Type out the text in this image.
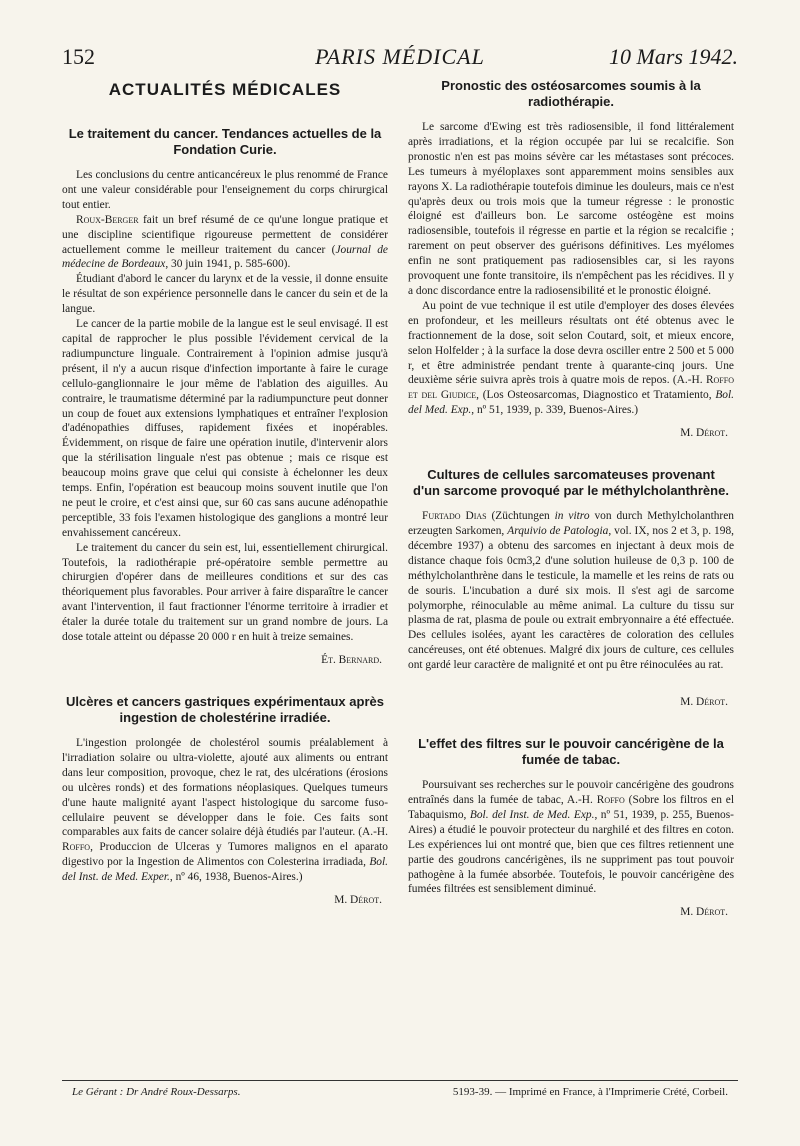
152	PARIS MÉDICAL	10 Mars 1942.
ACTUALITÉS MÉDICALES
Le traitement du cancer. Tendances actuelles de la Fondation Curie.

Les conclusions du centre anticancéreux le plus renommé de France ont une valeur considérable pour l'enseignement du corps chirurgical tout entier.

Roux-Berger fait un bref résumé de ce qu'une longue pratique et une discipline scientifique rigoureuse permettent de considérer actuellement comme le meilleur traitement du cancer (Journal de médecine de Bordeaux, 30 juin 1941, p. 585-600).

Étudiant d'abord le cancer du larynx et de la vessie, il donne ensuite le résultat de son expérience personnelle dans le cancer du sein et de la langue.

Le cancer de la partie mobile de la langue est le seul envisagé. Il est capital de rapprocher le plus possible l'évidement cervical de la radiumpuncture linguale. Contrairement à l'opinion admise jusqu'à présent, il n'y a aucun risque d'infection importante à faire le curage cellulo-ganglionnaire le jour même de l'ablation des aiguilles. Au contraire, le traumatisme déterminé par la radiumpuncture peut donner un coup de fouet aux extensions lymphatiques et entraîner l'explosion d'adénopathies diffuses, rapidement fixées et inopérables. Évidemment, on risque de faire une opération inutile, d'intervenir alors que la stérilisation linguale n'est pas obtenue ; mais ce risque est beaucoup moins grave que celui qui consiste à échelonner les deux temps. Enfin, l'opération est beaucoup moins souvent inutile que l'on ne peut le croire, et c'est ainsi que, sur 60 cas sans aucune adénopathie perceptible, 33 fois l'examen histologique des ganglions a montré leur envahissement cancéreux.

Le traitement du cancer du sein est, lui, essentiellement chirurgical. Toutefois, la radiothérapie pré-opératoire semble permettre au chirurgien d'opérer dans de meilleures conditions et sur des cas théoriquement plus favorables. Pour arriver à faire disparaître le cancer avant l'intervention, il faut fractionner l'énorme territoire à irradier et étaler la durée totale du traitement sur un grand nombre de jours. La dose totale atteint ou dépasse 20 000 r en huit à treize semaines.

Ét. Bernard.
Ulcères et cancers gastriques expérimentaux après ingestion de cholestérine irradiée.

L'ingestion prolongée de cholestérol soumis préalablement à l'irradiation solaire ou ultra-violette, ajouté aux aliments ou entrant dans leur composition, provoque, chez le rat, des ulcérations (érosions ou ulcères ronds) et des formations néoplasiques. Quelques tumeurs d'une haute malignité ayant l'aspect histologique du sarcome fuso-cellulaire peuvent se développer dans le foie. Ces faits sont comparables aux faits de cancer solaire déjà étudiés par l'auteur. (A.-H. Roffo, Produccion de Ulceras y Tumores malignos en el aparato digestivo por la Ingestion de Alimentos con Colesterina irradiada, Bol. del Inst. de Med. Exper., nº 46, 1938, Buenos-Aires.)

M. Dérot.
Pronostic des ostéosarcomes soumis à la radiothérapie.

Le sarcome d'Ewing est très radiosensible, il fond littéralement après irradiations, et la région occupée par lui se recalcifie. Son pronostic n'en est pas moins sévère car les métastases sont précoces. Les tumeurs à myéloplaxes sont apparemment moins sensibles aux rayons X. La radiothérapie toutefois diminue les douleurs, mais ce n'est qu'après deux ou trois mois que la tumeur régresse : le pronostic éloigné est d'ailleurs bon. Le sarcome ostéogène est moins radiosensible, toutefois il régresse en partie et la région se recalcifie ; rarement on peut observer des guérisons définitives. Les myélomes enfin ne sont pratiquement pas radiosensibles car, si les rayons provoquent une fonte transitoire, ils n'empêchent pas les récidives. Il y a donc discordance entre la radiosensibilité et le pronostic éloigné.

Au point de vue technique il est utile d'employer des doses élevées en profondeur, et les meilleurs résultats ont été obtenus avec le fractionnement de la dose, soit selon Coutard, soit, et mieux encore, selon Holfelder ; à la surface la dose devra osciller entre 2 500 et 5 000 r, et être administrée pendant trente à quarante-cinq jours. Une deuxième série suivra après trois à quatre mois de repos. (A.-H. Roffo et del Giudice, (Los Osteosarcomas, Diagnostico et Tratamiento, Bol. del Med. Exp., nº 51, 1939, p. 339, Buenos-Aires.)

M. Dérot.
Cultures de cellules sarcomateuses provenant d'un sarcome provoqué par le méthylcholanthrène.

Furtado Dias (Züchtungen in vitro von durch Methylcholanthren erzeugten Sarkomen, Arquivio de Patologia, vol. IX, nos 2 et 3, p. 198, décembre 1937) a obtenu des sarcomes en injectant à deux mois de distance chaque fois 0cm3,2 d'une solution huileuse de 0,3 p. 100 de méthylcholanthrène dans le testicule, la mamelle et les reins de rats ou de souris. L'incubation a duré six mois. Il s'est agi de sarcome polymorphe, réinoculable au même animal. La culture du tissu sur plasma de rat, plasma de poule ou extrait embryonnaire a été effectuée. Des cellules isolées, ayant les caractères de coloration des cellules cancéreuses, ont été obtenues. Malgré dix jours de culture, ces cellules ont gardé leur caractère de malignité et ont pu être réinoculées au rat.

M. Dérot.
L'effet des filtres sur le pouvoir cancérigène de la fumée de tabac.

Poursuivant ses recherches sur le pouvoir cancérigène des goudrons entraînés dans la fumée de tabac, A.-H. Roffo (Sobre los filtros en el Tabaquismo, Bol. del Inst. de Med. Exp., nº 51, 1939, p. 255, Buenos-Aires) a étudié le pouvoir protecteur du narghilé et des filtres en coton. Les expériences lui ont montré que, bien que ces filtres retiennent une partie des goudrons cancérigènes, ils ne suppriment pas tout pouvoir pathogène à la fumée absorbée. Toutefois, le pouvoir cancérigène des fumées filtrées est sensiblement diminué.

M. Dérot.
Le Gérant : Dr André Roux-Dessarps.	5193-39. — Imprimé en France, à l'Imprimerie Crété, Corbeil.
